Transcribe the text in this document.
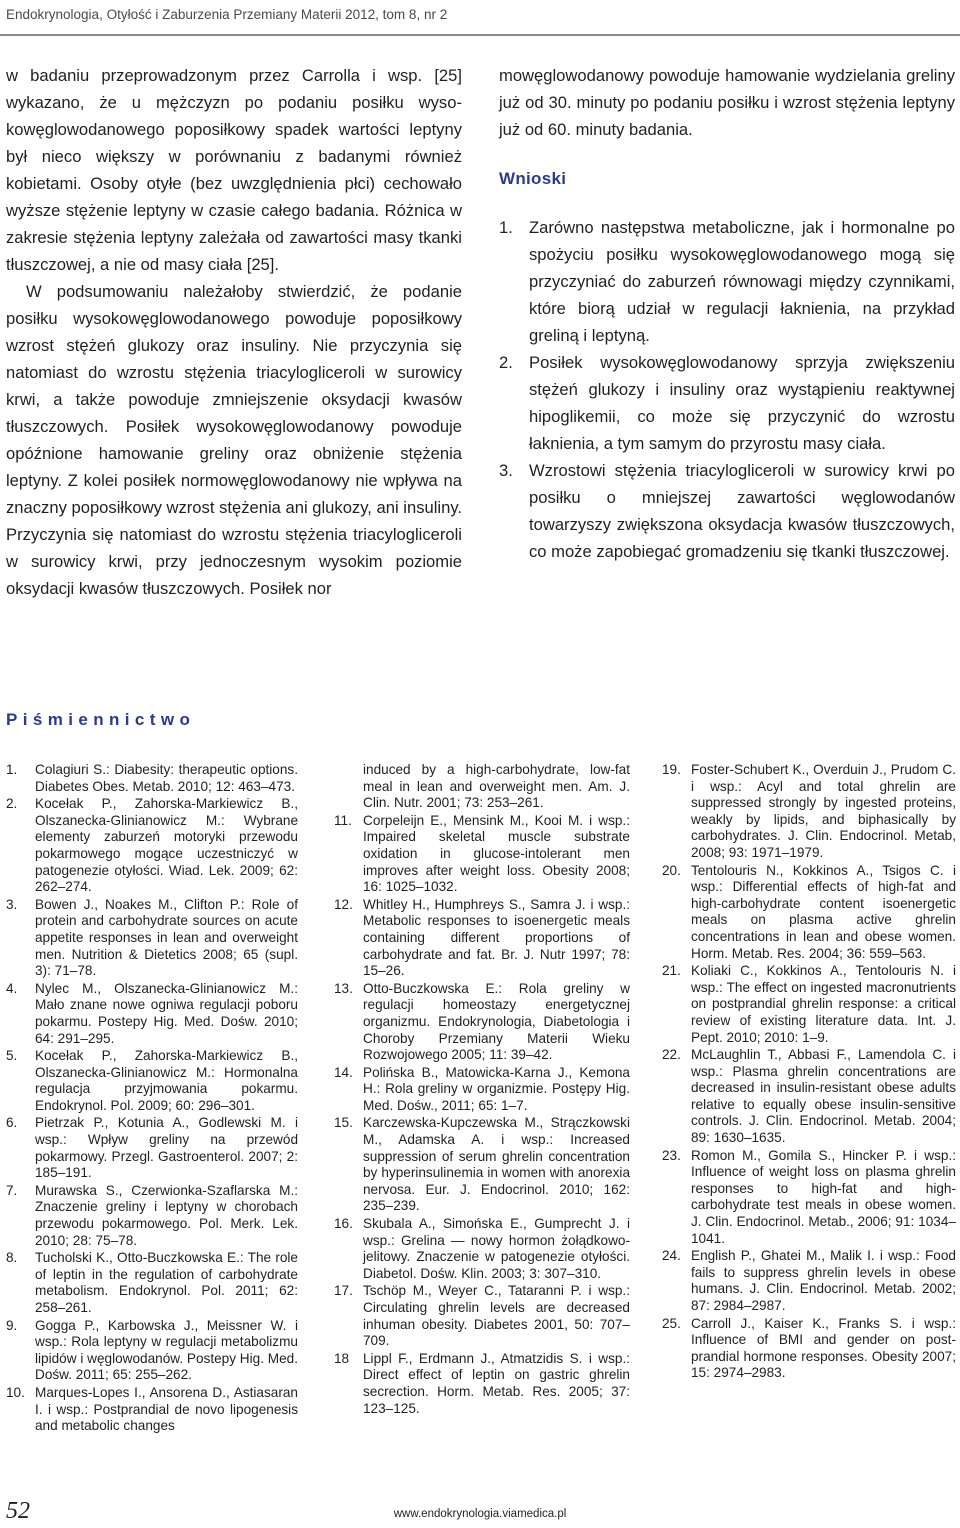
Endokrynologia, Otyłość i Zaburzenia Przemiany Materii 2012, tom 8, nr 2

w badaniu przeprowadzonym przez Carrolla i wsp. [25] wykazano, że u mężczyzn po podaniu posiłku wysokowęglowodanowego poposiłkowy spadek wartości leptyny był nieco większy w porównaniu z badanymi również kobietami. Osoby otyłe (bez uwzględnienia płci) cechowało wyższe stężenie leptyny w czasie całego badania. Różnica w zakresie stężenia leptyny zależała od zawartości masy tkanki tłuszczowej, a nie od masy ciała [25].

W podsumowaniu należałoby stwierdzić, że podanie posiłku wysokowęglowodanowego powoduje poposiłkowy wzrost stężeń glukozy oraz insuliny. Nie przyczynia się natomiast do wzrostu stężenia triacylogliceroli w surowicy krwi, a także powoduje zmniejszenie oksydacji kwasów tłuszczowych. Posiłek wysokowęglowodanowy powoduje opóźnione hamowanie greliny oraz obniżenie stężenia leptyny. Z kolei posiłek normowęglowodanowy nie wpływa na znaczny poposiłkowy wzrost stężenia ani glukozy, ani insuliny. Przyczynia się natomiast do wzrostu stężenia triacylogliceroli w surowicy krwi, przy jednoczesnym wysokim poziomie oksydacji kwasów tłuszczowych. Posiłek nor

mowęglowodanowy powoduje hamowanie wydzielania greliny już od 30. minuty po podaniu posiłku i wzrost stężenia leptyny już od 60. minuty badania.

Wnioski
1. Zarówno następstwa metaboliczne, jak i hormonalne po spożyciu posiłku wysokowęglowodanowego mogą się przyczyniać do zaburzeń równowagi między czynnikami, które biorą udział w regulacji łaknienia, na przykład greliną i leptyną.
2. Posiłek wysokowęglowodanowy sprzyja zwiększeniu stężeń glukozy i insuliny oraz wystąpieniu reaktywnej hipoglikemii, co może się przyczynić do wzrostu łaknienia, a tym samym do przyrostu masy ciała.
3. Wzrostowi stężenia triacylogliceroli w surowicy krwi po posiłku o mniejszej zawartości węglowodanów towarzyszy zwiększona oksydacja kwasów tłuszczowych, co może zapobiegać gromadzeniu się tkanki tłuszczowej.
Piśmiennictwo
1. Colagiuri S.: Diabesity: therapeutic options. Diabetes Obes. Metab. 2010; 12: 463–473.
2. Kocełak P., Zahorska-Markiewicz B., Olszanecka-Glinianowicz M.: Wybrane elementy zaburzeń motoryki przewodu pokarmowego mogące uczestniczyć w patogenezie otyłości. Wiad. Lek. 2009; 62: 262–274.
3. Bowen J., Noakes M., Clifton P.: Role of protein and carbohydrate sources on acute appetite responses in lean and overweight men. Nutrition & Dietetics 2008; 65 (supl. 3): 71–78.
4. Nylec M., Olszanecka-Glinianowicz M.: Mało znane nowe ogniwa regulacji poboru pokarmu. Postepy Hig. Med. Dośw. 2010; 64: 291–295.
5. Kocełak P., Zahorska-Markiewicz B., Olszanecka-Glinianowicz M.: Hormonalna regulacja przyjmowania pokarmu. Endokrynol. Pol. 2009; 60: 296–301.
6. Pietrzak P., Kotunia A., Godlewski M. i wsp.: Wpływ greliny na przewód pokarmowy. Przegl. Gastroenterol. 2007; 2: 185–191.
7. Murawska S., Czerwionka-Szaflarska M.: Znaczenie greliny i leptyny w chorobach przewodu pokarmowego. Pol. Merk. Lek. 2010; 28: 75–78.
8. Tucholski K., Otto-Buczkowska E.: The role of leptin in the regulation of carbohydrate metabolism. Endokrynol. Pol. 2011; 62: 258–261.
9. Gogga P., Karbowska J., Meissner W. i wsp.: Rola leptyny w regulacji metabolizmu lipidów i węglowodanów. Postepy Hig. Med. Dośw. 2011; 65: 255–262.
10. Marques-Lopes I., Ansorena D., Astiasaran I. i wsp.: Postprandial de novo lipogenesis and metabolic changes
induced by a high-carbohydrate, low-fat meal in lean and overweight men. Am. J. Clin. Nutr. 2001; 73: 253–261.
11. Corpeleijn E., Mensink M., Kooi M. i wsp.: Impaired skeletal muscle substrate oxidation in glucose-intolerant men improves after weight loss. Obesity 2008; 16: 1025–1032.
12. Whitley H., Humphreys S., Samra J. i wsp.: Metabolic responses to isoenergetic meals containing different proportions of carbohydrate and fat. Br. J. Nutr 1997; 78: 15–26.
13. Otto-Buczkowska E.: Rola greliny w regulacji homeostazy energetycznej organizmu. Endokrynologia, Diabetologia i Choroby Przemiany Materii Wieku Rozwojowego 2005; 11: 39–42.
14. Polińska B., Matowicka-Karna J., Kemona H.: Rola greliny w organizmie. Postępy Hig. Med. Dośw., 2011; 65: 1–7.
15. Karczewska-Kupczewska M., Strączkowski M., Adamska A. i wsp.: Increased suppression of serum ghrelin concentration by hyperinsulinemia in women with anorexia nervosa. Eur. J. Endocrinol. 2010; 162: 235–239.
16. Skubala A., Simońska E., Gumprecht J. i wsp.: Grelina — nowy hormon żołądkowo-jelitowy. Znaczenie w patogenezie otyłości. Diabetol. Dośw. Klin. 2003; 3: 307–310.
17. Tschöp M., Weyer C., Tataranni P. i wsp.: Circulating ghrelin levels are decreased inhuman obesity. Diabetes 2001, 50: 707–709.
18 Lippl F., Erdmann J., Atmatzidis S. i wsp.: Direct effect of leptin on gastric ghrelin secrection. Horm. Metab. Res. 2005; 37: 123–125.
19. Foster-Schubert K., Overduin J., Prudom C. i wsp.: Acyl and total ghrelin are suppressed strongly by ingested proteins, weakly by lipids, and biphasically by carbohydrates. J. Clin. Endocrinol. Metab, 2008; 93: 1971–1979.
20. Tentolouris N., Kokkinos A., Tsigos C. i wsp.: Differential effects of high-fat and high-carbohydrate content isoenergetic meals on plasma active ghrelin concentrations in lean and obese women. Horm. Metab. Res. 2004; 36: 559–563.
21. Koliaki C., Kokkinos A., Tentolouris N. i wsp.: The effect on ingested macronutrients on postprandial ghrelin response: a critical review of existing literature data. Int. J. Pept. 2010; 2010: 1–9.
22. McLaughlin T., Abbasi F., Lamendola C. i wsp.: Plasma ghrelin concentrations are decreased in insulin-resistant obese adults relative to equally obese insulin-sensitive controls. J. Clin. Endocrinol. Metab. 2004; 89: 1630–1635.
23. Romon M., Gomila S., Hincker P. i wsp.: Influence of weight loss on plasma ghrelin responses to high-fat and high-carbohydrate test meals in obese women. J. Clin. Endocrinol. Metab., 2006; 91: 1034–1041.
24. English P., Ghatei M., Malik I. i wsp.: Food fails to suppress ghrelin levels in obese humans. J. Clin. Endocrinol. Metab. 2002; 87: 2984–2987.
25. Carroll J., Kaiser K., Franks S. i wsp.: Influence of BMI and gender on postprandial hormone responses. Obesity 2007; 15: 2974–2983.
52	www.endokrynologia.viamedica.pl
